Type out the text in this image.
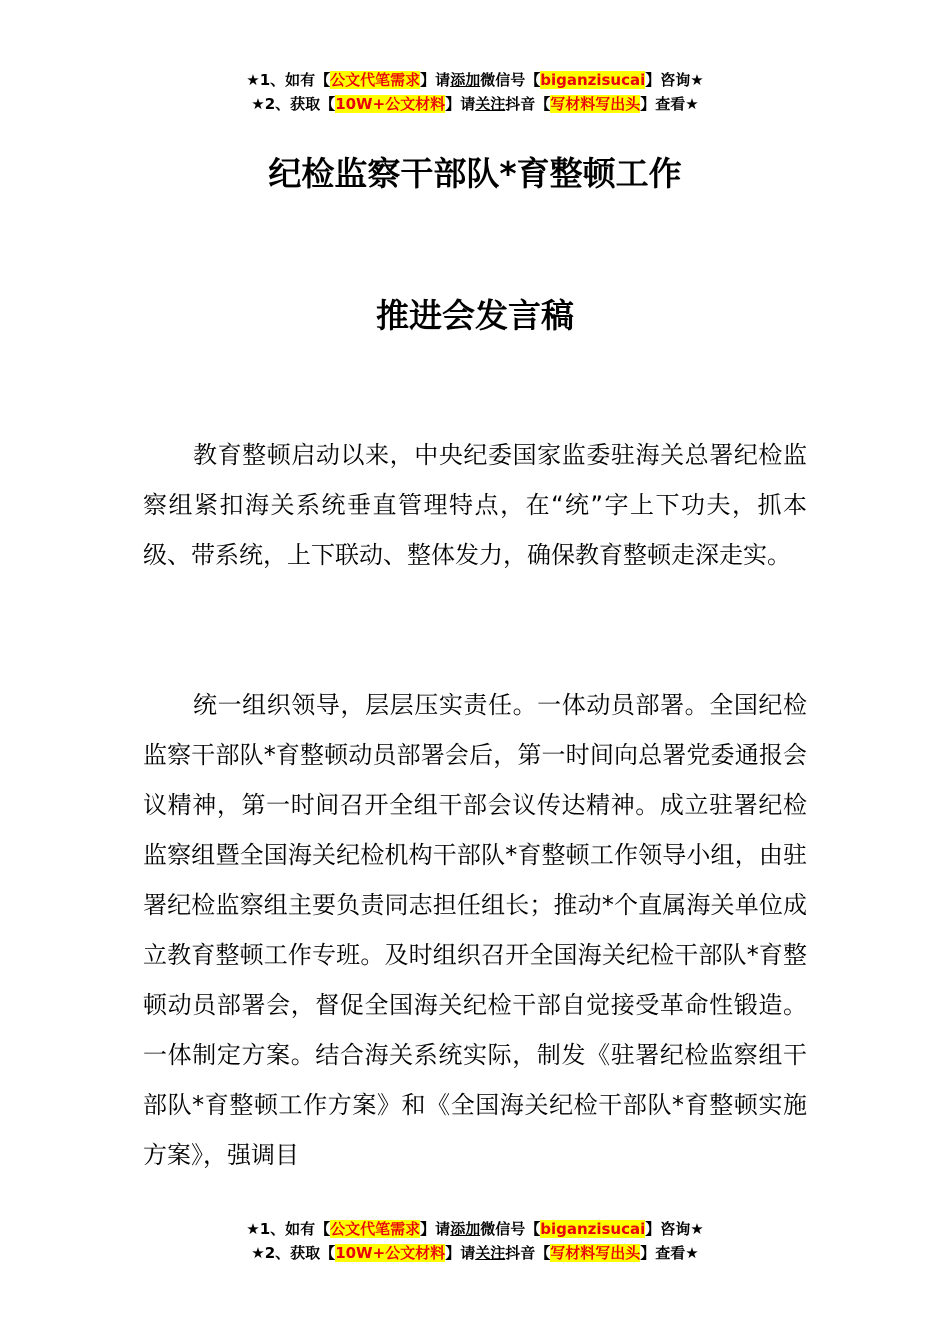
★1、如有【公文代笔需求】请添加微信号【biganzisucai】咨询★
★2、获取【10W+公文材料】请关注抖音【写材料写出头】查看★
纪检监察干部队*育整顿工作
推进会发言稿

教育整顿启动以来，中央纪委国家监委驻海关总署纪检监察组紧扣海关系统垂直管理特点，在“统”字上下功夫，抓本级、带系统，上下联动、整体发力，确保教育整顿走深走实。

统一组织领导，层层压实责任。一体动员部署。全国纪检监察干部队*育整顿动员部署会后，第一时间向总署党委通报会议精神，第一时间召开全组干部会议传达精神。成立驻署纪检监察组暨全国海关纪检机构干部队*育整顿工作领导小组，由驻署纪检监察组主要负责同志担任组长；推动*个直属海关单位成立教育整顿工作专班。及时组织召开全国海关纪检干部队*育整顿动员部署会，督促全国海关纪检干部自觉接受革命性锻造。一体制定方案。结合海关系统实际，制发《驻署纪检监察组干部队*育整顿工作方案》和《全国海关纪检干部队*育整顿实施方案》，强调目

★1、如有【公文代笔需求】请添加微信号【biganzisucai】咨询★
★2、获取【10W+公文材料】请关注抖音【写材料写出头】查看★
